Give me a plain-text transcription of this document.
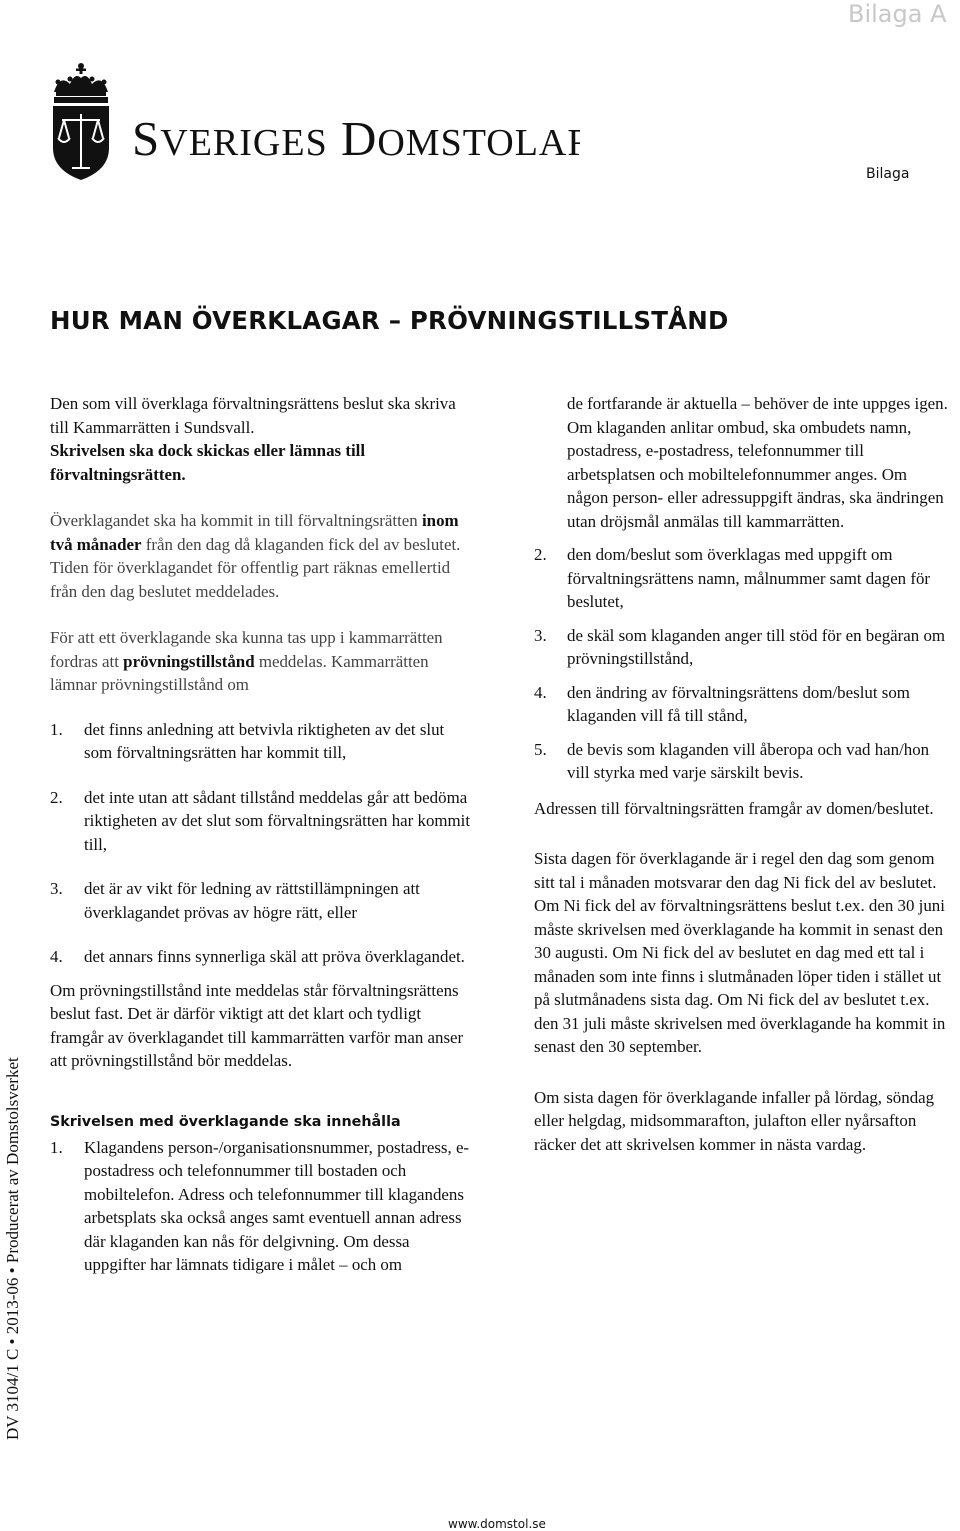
Bilaga A
SVERIGES DOMSTOLAR
Bilaga
HUR MAN ÖVERKLAGAR – PRÖVNINGSTILLSTÅND
DV 3104/1 C • 2013-06 • Producerat av Domstolsverket

Den som vill överklaga förvaltningsrättens beslut ska skriva till Kammarrätten i Sundsvall.
Skrivelsen ska dock skickas eller lämnas till förvaltningsrätten.

Överklagandet ska ha kommit in till förvaltningsrätten inom två månader från den dag då klaganden fick del av beslutet. Tiden för överklagandet för offentlig part räknas emellertid från den dag beslutet meddelades.

För att ett överklagande ska kunna tas upp i kammarrätten fordras att prövningstillstånd meddelas. Kammarrätten lämnar prövningstillstånd om

1.	det finns anledning att betvivla riktigheten av det slut som förvaltningsrätten har kommit till,
2.	det inte utan att sådant tillstånd meddelas går att bedöma riktigheten av det slut som förvaltningsrätten har kommit till,
3.	det är av vikt för ledning av rättstillämpningen att överklagandet prövas av högre rätt, eller
4.	det annars finns synnerliga skäl att pröva överklagandet.

Om prövningstillstånd inte meddelas står förvaltningsrättens beslut fast. Det är därför viktigt att det klart och tydligt framgår av överklagandet till kammarrätten varför man anser att prövningstillstånd bör meddelas.

Skrivelsen med överklagande ska innehålla
1.	Klagandens person-/organisationsnummer, postadress, e-postadress och telefonnummer till bostaden och mobiltelefon. Adress och telefonnummer till klagandens arbetsplats ska också anges samt eventuell annan adress där klaganden kan nås för delgivning. Om dessa uppgifter har lämnats tidigare i målet – och om

de fortfarande är aktuella – behöver de inte uppges igen. Om klaganden anlitar ombud, ska ombudets namn, postadress, e-postadress, telefonnummer till arbetsplatsen och mobiltelefonnummer anges. Om någon person- eller adressuppgift ändras, ska ändringen utan dröjsmål anmälas till kammarrätten.

2.	den dom/beslut som överklagas med uppgift om förvaltningsrättens namn, målnummer samt dagen för beslutet,
3.	de skäl som klaganden anger till stöd för en begäran om prövningstillstånd,
4.	den ändring av förvaltningsrättens dom/beslut som klaganden vill få till stånd,
5.	de bevis som klaganden vill åberopa och vad han/hon vill styrka med varje särskilt bevis.

Adressen till förvaltningsrätten framgår av domen/beslutet.

Sista dagen för överklagande är i regel den dag som genom sitt tal i månaden motsvarar den dag Ni fick del av beslutet. Om Ni fick del av förvaltningsrättens beslut t.ex. den 30 juni måste skrivelsen med överklagande ha kommit in senast den 30 augusti. Om Ni fick del av beslutet en dag med ett tal i månaden som inte finns i slutmånaden löper tiden i stället ut på slutmånadens sista dag. Om Ni fick del av beslutet t.ex. den 31 juli måste skrivelsen med överklagande ha kommit in senast den 30 september.

Om sista dagen för överklagande infaller på lördag, söndag eller helgdag, midsommarafton, julafton eller nyårsafton räcker det att skrivelsen kommer in nästa vardag.

www.domstol.se
